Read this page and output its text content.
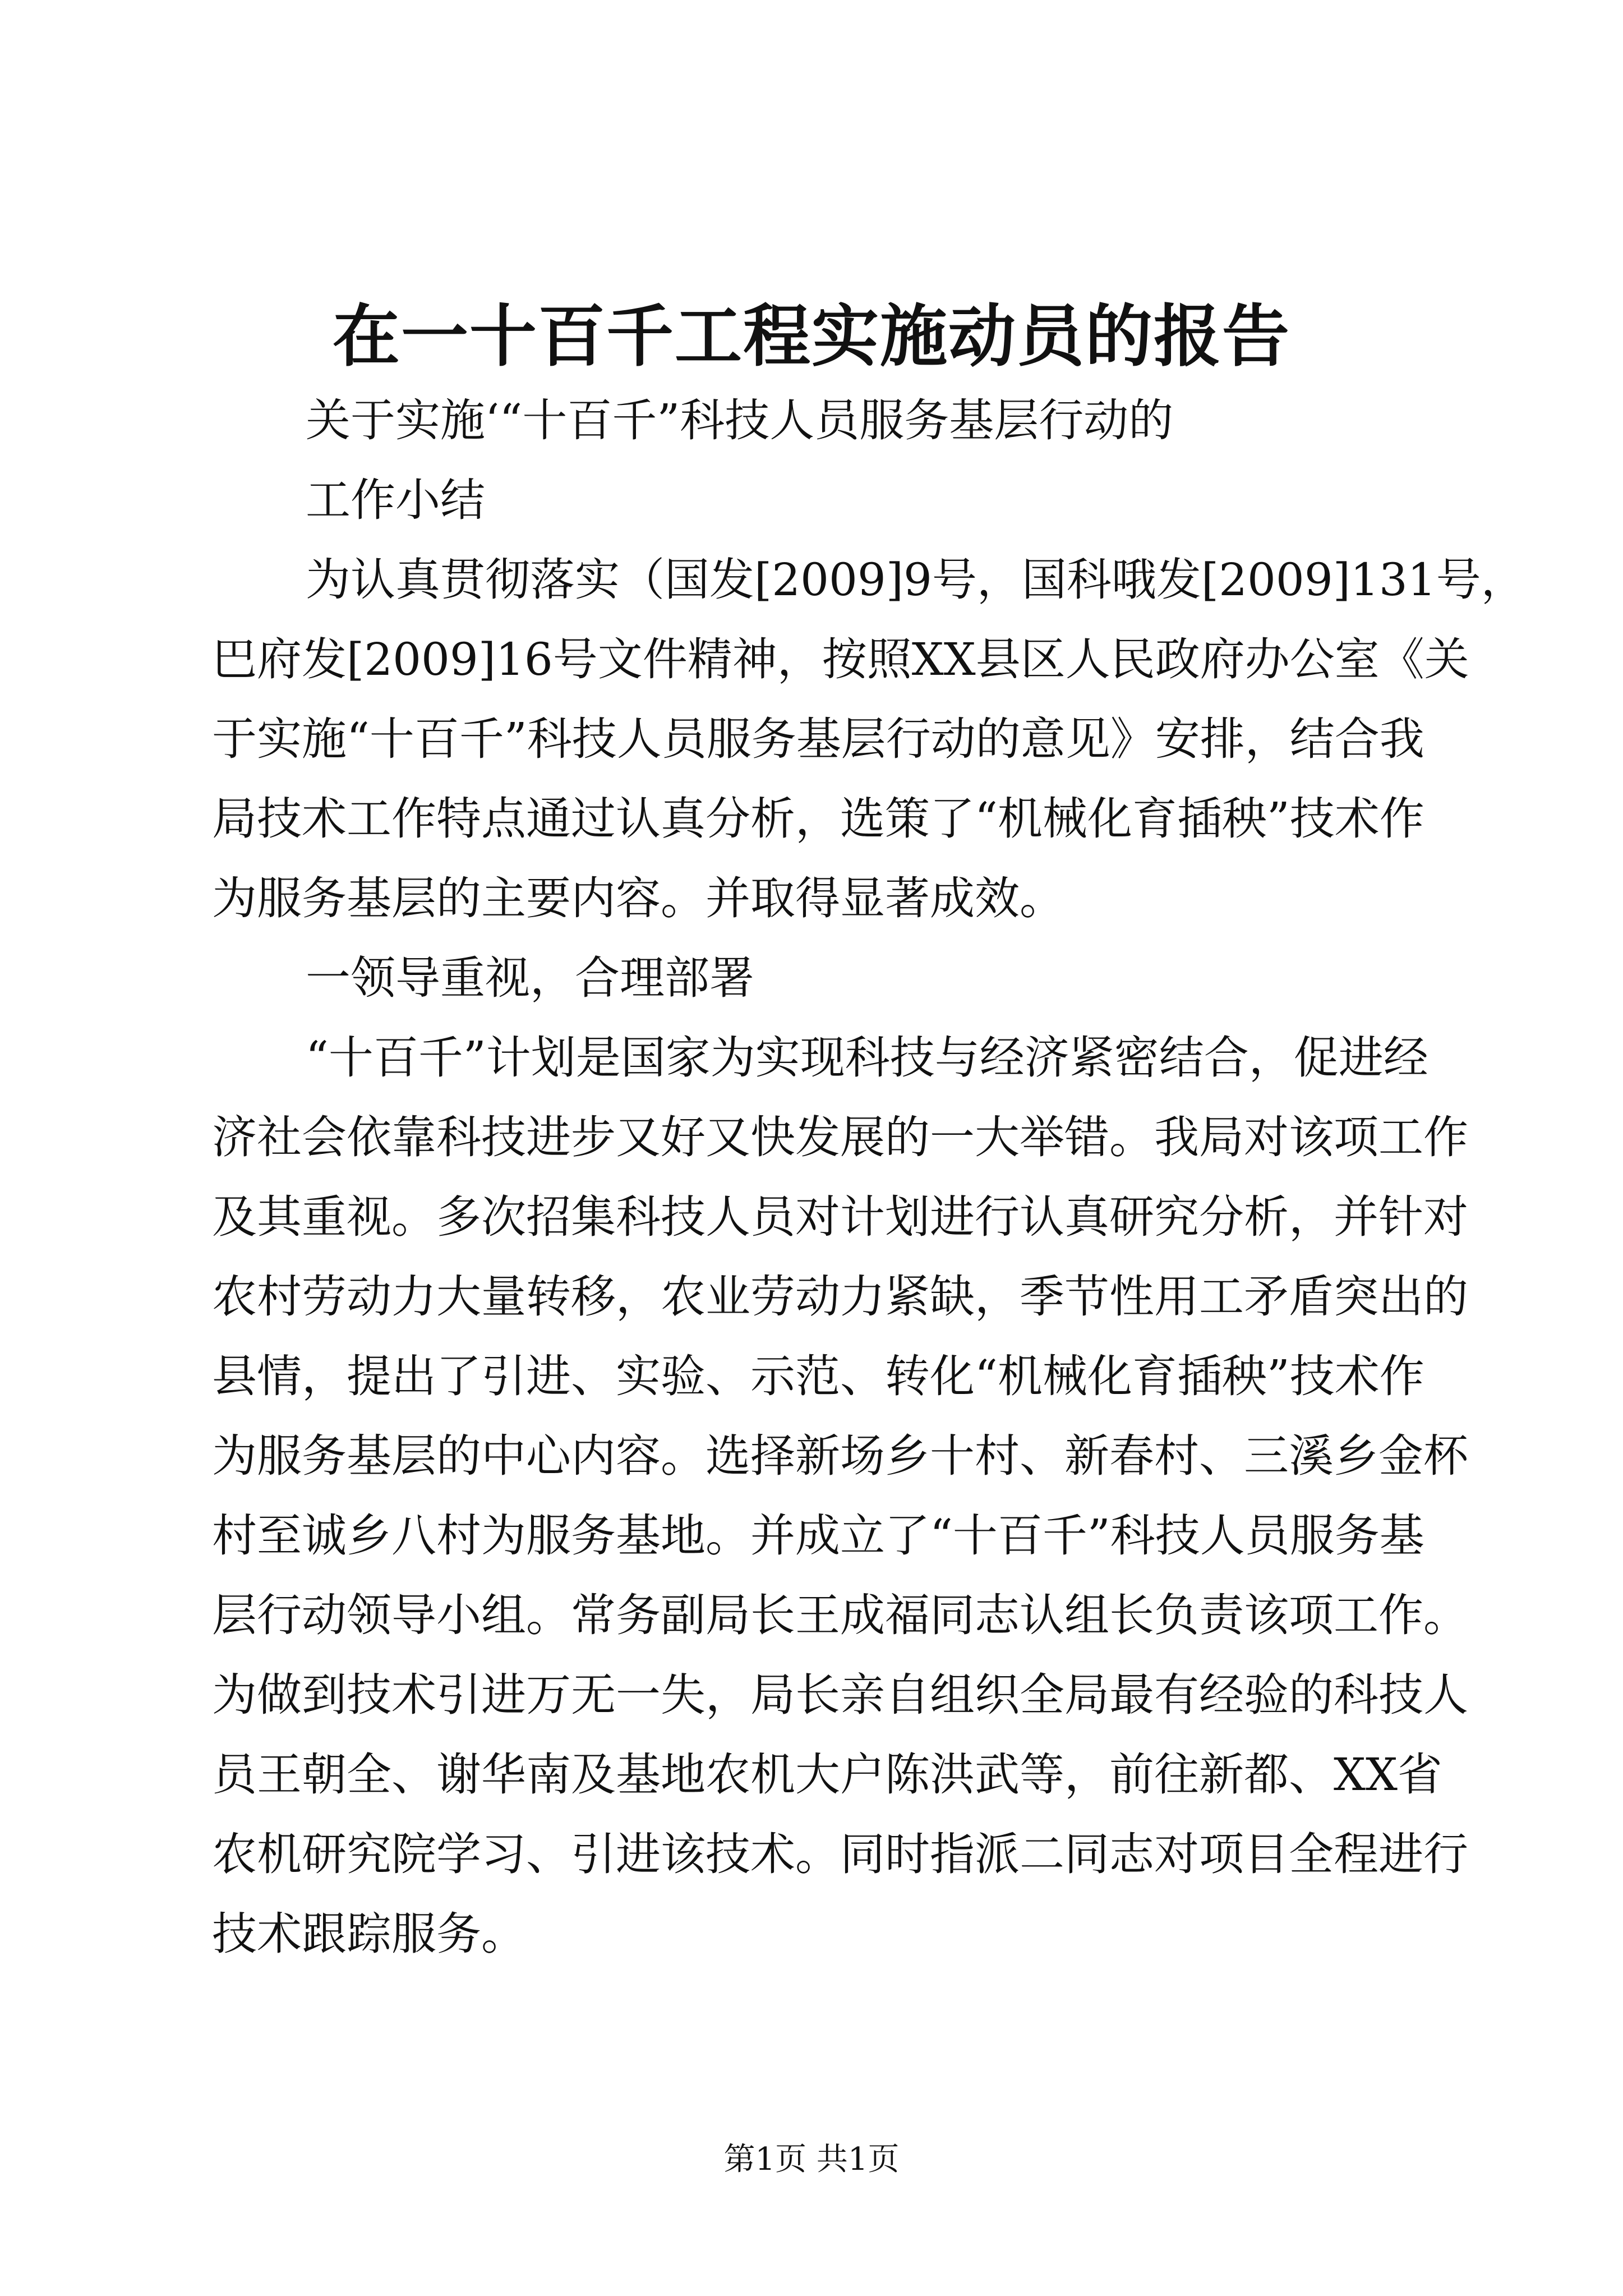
在一十百千工程实施动员的报告
关于实施‘“十百千”科技人员服务基层行动的
工作小结
为认真贯彻落实（国发[2009]9号，国科哦发[2009]131号，
巴府发[2009]16号文件精神，按照XX县区人民政府办公室《关
于实施“十百千”科技人员服务基层行动的意见》安排，结合我
局技术工作特点通过认真分析，选策了“机械化育插秧”技术作
为服务基层的主要内容。并取得显著成效。
一领导重视，合理部署
“十百千”计划是国家为实现科技与经济紧密结合，促进经
济社会依靠科技进步又好又快发展的一大举错。我局对该项工作
及其重视。多次招集科技人员对计划进行认真研究分析，并针对
农村劳动力大量转移，农业劳动力紧缺，季节性用工矛盾突出的
县情，提出了引进、实验、示范、转化“机械化育插秧”技术作
为服务基层的中心内容。选择新场乡十村、新春村、三溪乡金杯
村至诚乡八村为服务基地。并成立了“十百千”科技人员服务基
层行动领导小组。常务副局长王成福同志认组长负责该项工作。
为做到技术引进万无一失，局长亲自组织全局最有经验的科技人
员王朝全、谢华南及基地农机大户陈洪武等，前往新都、XX省
农机研究院学习、引进该技术。同时指派二同志对项目全程进行
技术跟踪服务。
第1页 共1页
